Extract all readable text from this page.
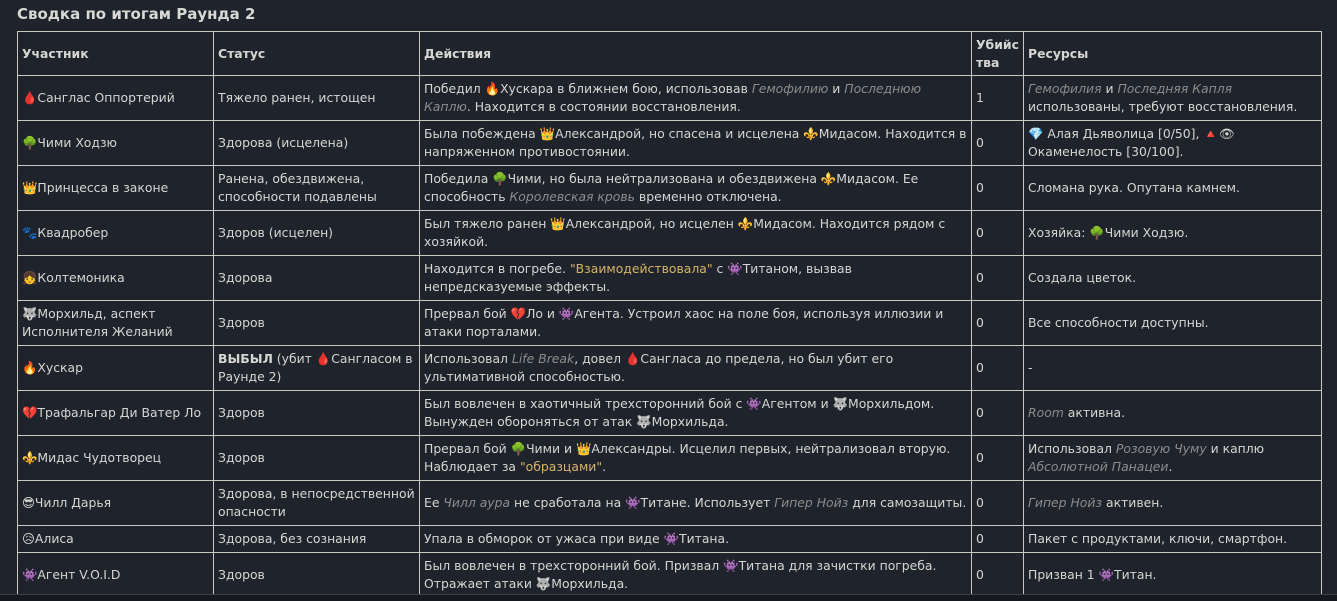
Сводка по итогам Раунда 2
Участник	Статус	Действия	Убийства	Ресурсы
🩸Санглас Оппортерий	Тяжело ранен, истощен	Победил 🔥Хускара в ближнем бою, использовав Гемофилию и Последнюю Каплю. Находится в состоянии восстановления.	1	Гемофилия и Последняя Капля использованы, требуют восстановления.
🌳Чими Ходзю	Здорова (исцелена)	Была побеждена 👑Александрой, но спасена и исцелена ⚜️Мидасом. Находится в напряженном противостоянии.	0	💎 Алая Дьяволица [0/50], 🔺👁Окаменелость [30/100].
👑Принцесса в законе	Ранена, обездвижена, способности подавлены	Победила 🌳Чими, но была нейтрализована и обездвижена ⚜️Мидасом. Ее способность Королевская кровь временно отключена.	0	Сломана рука. Опутана камнем.
🐾Квадробер	Здоров (исцелен)	Был тяжело ранен 👑Александрой, но исцелен ⚜️Мидасом. Находится рядом с хозяйкой.	0	Хозяйка: 🌳Чими Ходзю.
👧Колтемоника	Здорова	Находится в погребе. "Взаимодействовала" с 👾Титаном, вызвав непредсказуемые эффекты.	0	Создала цветок.
🐺Морхильд, аспект Исполнителя Желаний	Здоров	Прервал бой 💔Ло и 👾Агента. Устроил хаос на поле боя, используя иллюзии и атаки порталами.	0	Все способности доступны.
🔥Хускар	ВЫБЫЛ (убит 🩸Сангласом в Раунде 2)	Использовал Life Break, довел 🩸Сангласа до предела, но был убит его ультимативной способностью.	0	-
💔Трафальгар Ди Ватер Ло	Здоров	Был вовлечен в хаотичный трехсторонний бой с 👾Агентом и 🐺Морхильдом. Вынужден обороняться от атак 🐺Морхильда.	0	Room активна.
⚜️Мидас Чудотворец	Здоров	Прервал бой 🌳Чими и 👑Александры. Исцелил первых, нейтрализовал вторую. Наблюдает за "образцами".	0	Использовал Розовую Чуму и каплю Абсолютной Панацеи.
😎Чилл Дарья	Здорова, в непосредственной опасности	Ее Чилл аура не сработала на 👾Титане. Использует Гипер Нойз для самозащиты.	0	Гипер Нойз активен.
😥Алиса	Здорова, без сознания	Упала в обморок от ужаса при виде 👾Титана.	0	Пакет с продуктами, ключи, смартфон.
👾Агент V.O.I.D	Здоров	Был вовлечен в трехсторонний бой. Призвал 👾Титана для зачистки погреба. Отражает атаки 🐺Морхильда.	0	Призван 1 👾Титан.
